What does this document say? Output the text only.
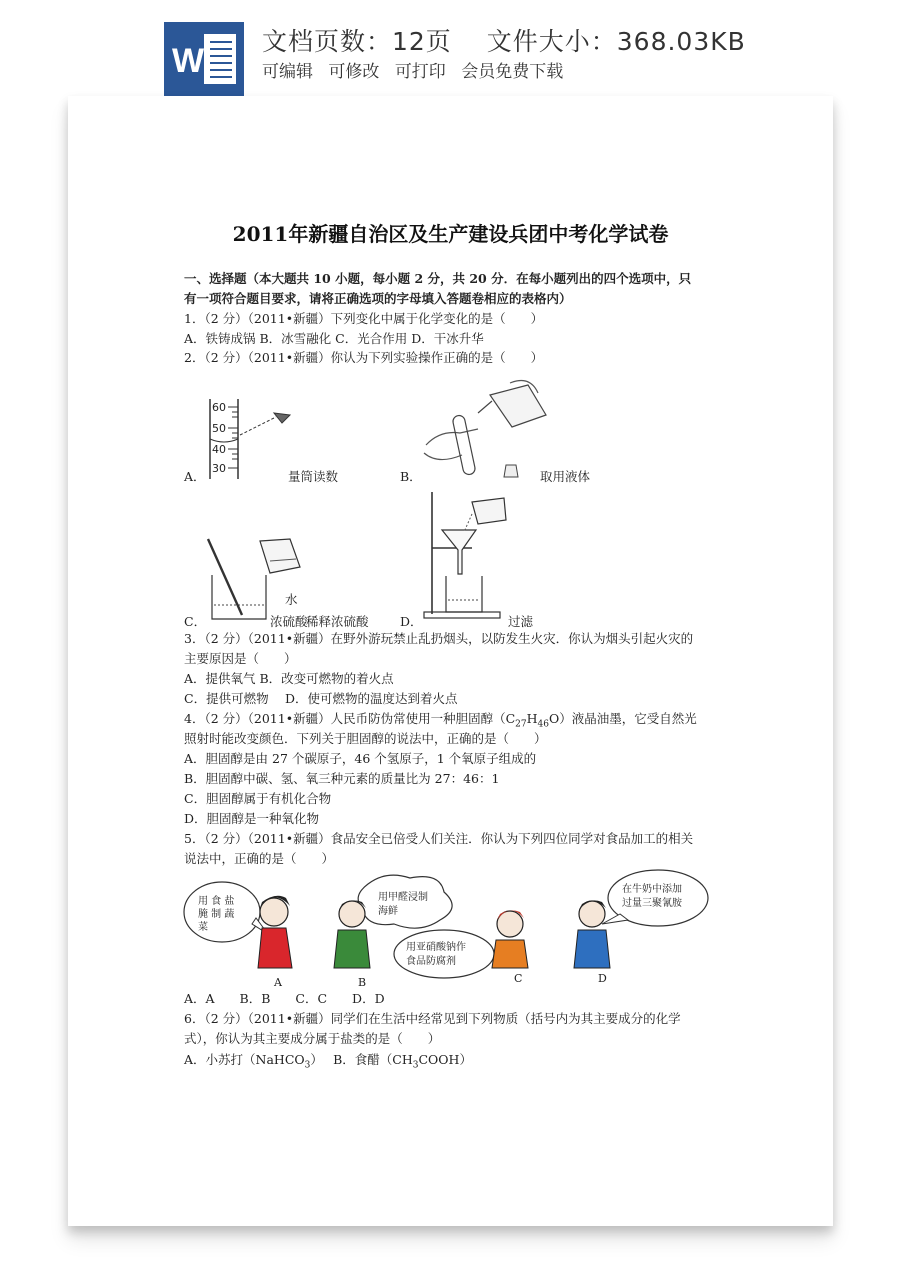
W
文档页数：12页 文件大小：368.03KB
可编辑 可修改 可打印 会员免费下载
2011年新疆自治区及生产建设兵团中考化学试卷
一、选择题（本大题共 10 小题，每小题 2 分，共 20 分．在每小题列出的四个选项中，只
有一项符合题目要求，请将正确选项的字母填入答题卷相应的表格内）
1．（2 分）（2011•新疆）下列变化中属于化学变化的是（　　）
A．铁铸成锅 B．冰雪融化 C．光合作用 D．干冰升华
2．（2 分）（2011•新疆）你认为下列实验操作正确的是（　　）
60
50
40
30
A．	量筒读数	B．	取用液体
水
C．	浓硫酸
稀释浓硫酸	D．	过滤
3．（2 分）（2011•新疆）在野外游玩禁止乱扔烟头，以防发生火灾．你认为烟头引起火灾的
主要原因是（　　）
A．提供氧气 B．改变可燃物的着火点
C．提供可燃物　 D．使可燃物的温度达到着火点
4．（2 分）（2011•新疆）人民币防伪常使用一种胆固醇$(C_{27}H_{46}O)$液晶油墨，它受自然光
照射时能改变颜色．下列关于胆固醇的说法中，正确的是（　　）
A．胆固醇是由 27 个碳原子，46 个氢原子，1 个氧原子组成的
B．胆固醇中碳、氢、氧三种元素的质量比为 27：46：1
C．胆固醇属于有机化合物
D．胆固醇是一种氧化物
5．（2 分）（2011•新疆）食品安全已倍受人们关注．你认为下列四位同学对食品加工的相关
说法中，正确的是（　　）
用 食 盐
腌 制 蔬
菜
用甲醛浸制
海鲜
用亚硝酸钠作
食品防腐剂
在牛奶中添加
过量三聚氰胺
A	B	C	D
A．A　　B．B　　C．C　　D．D
6．（2 分）（2011•新疆）同学们在生活中经常见到下列物质（括号内为其主要成分的化学
式），你认为其主要成分属于盐类的是（　　）
A．小苏打（NaHCO$_3$）　 B．食醋$(CH_3COOH)$
